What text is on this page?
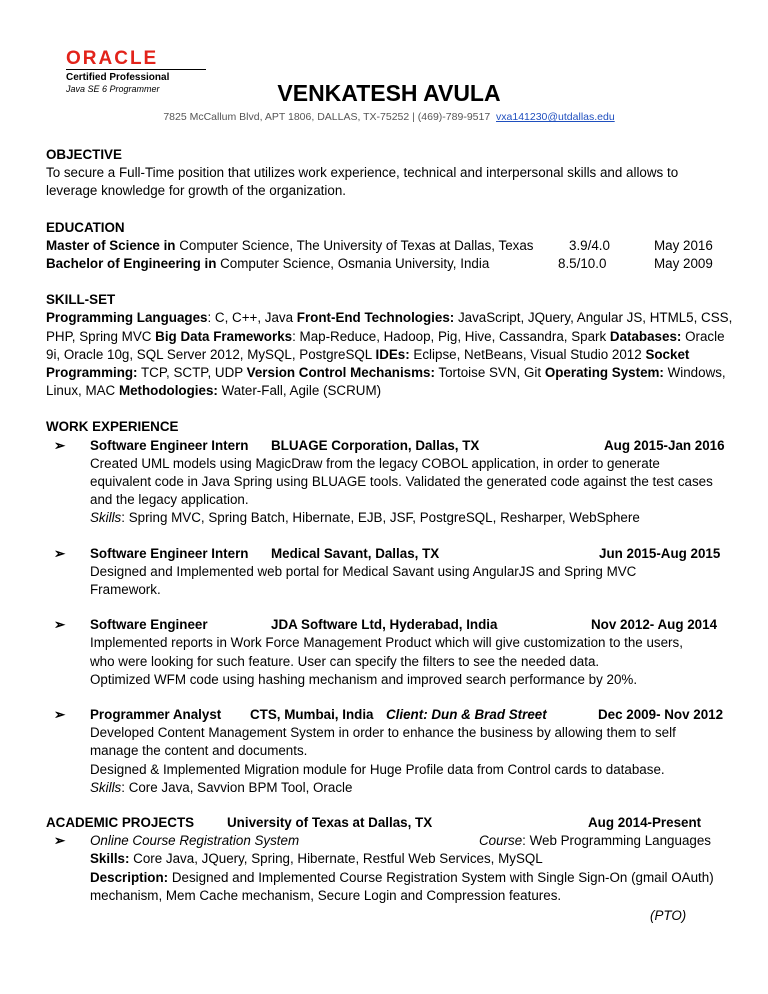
ORACLE
Certified Professional
Java SE 6 Programmer	VENKATESH AVULA
7825 McCallum Blvd, APT 1806, DALLAS, TX-75252 | (469)-789-9517 vxa141230@utdallas.edu
OBJECTIVE
To secure a Full-Time position that utilizes work experience, technical and interpersonal skills and allows to
leverage knowledge for growth of the organization.
EDUCATION
Master of Science in Computer Science, The University of Texas at Dallas, Texas	3.9/4.0	May 2016
Bachelor of Engineering in Computer Science, Osmania University, India	8.5/10.0	May 2009
SKILL-SET
Programming Languages: C, C++, Java Front-End Technologies: JavaScript, JQuery, Angular JS, HTML5, CSS,
PHP, Spring MVC Big Data Frameworks: Map-Reduce, Hadoop, Pig, Hive, Cassandra, Spark Databases: Oracle
9i, Oracle 10g, SQL Server 2012, MySQL, PostgreSQL IDEs: Eclipse, NetBeans, Visual Studio 2012 Socket
Programming: TCP, SCTP, UDP Version Control Mechanisms: Tortoise SVN, Git Operating System: Windows,
Linux, MAC Methodologies: Water-Fall, Agile (SCRUM)
WORK EXPERIENCE
➢ Software Engineer Intern BLUAGE Corporation, Dallas, TX	Aug 2015-Jan 2016
Created UML models using MagicDraw from the legacy COBOL application, in order to generate
equivalent code in Java Spring using BLUAGE tools. Validated the generated code against the test cases
and the legacy application.
Skills: Spring MVC, Spring Batch, Hibernate, EJB, JSF, PostgreSQL, Resharper, WebSphere
➢ Software Engineer Intern Medical Savant, Dallas, TX	Jun 2015-Aug 2015
Designed and Implemented web portal for Medical Savant using AngularJS and Spring MVC
Framework.
➢ Software Engineer	JDA Software Ltd, Hyderabad, India	Nov 2012- Aug 2014
Implemented reports in Work Force Management Product which will give customization to the users,
who were looking for such feature. User can specify the filters to see the needed data.
Optimized WFM code using hashing mechanism and improved search performance by 20%.
➢ Programmer Analyst CTS, Mumbai, India Client: Dun & Brad Street	Dec 2009- Nov 2012
Developed Content Management System in order to enhance the business by allowing them to self
manage the content and documents.
Designed & Implemented Migration module for Huge Profile data from Control cards to database.
Skills: Core Java, Savvion BPM Tool, Oracle
ACADEMIC PROJECTS University of Texas at Dallas, TX	Aug 2014-Present
➢ Online Course Registration System	Course: Web Programming Languages
Skills: Core Java, JQuery, Spring, Hibernate, Restful Web Services, MySQL
Description: Designed and Implemented Course Registration System with Single Sign-On (gmail OAuth)
mechanism, Mem Cache mechanism, Secure Login and Compression features.
(PTO)
